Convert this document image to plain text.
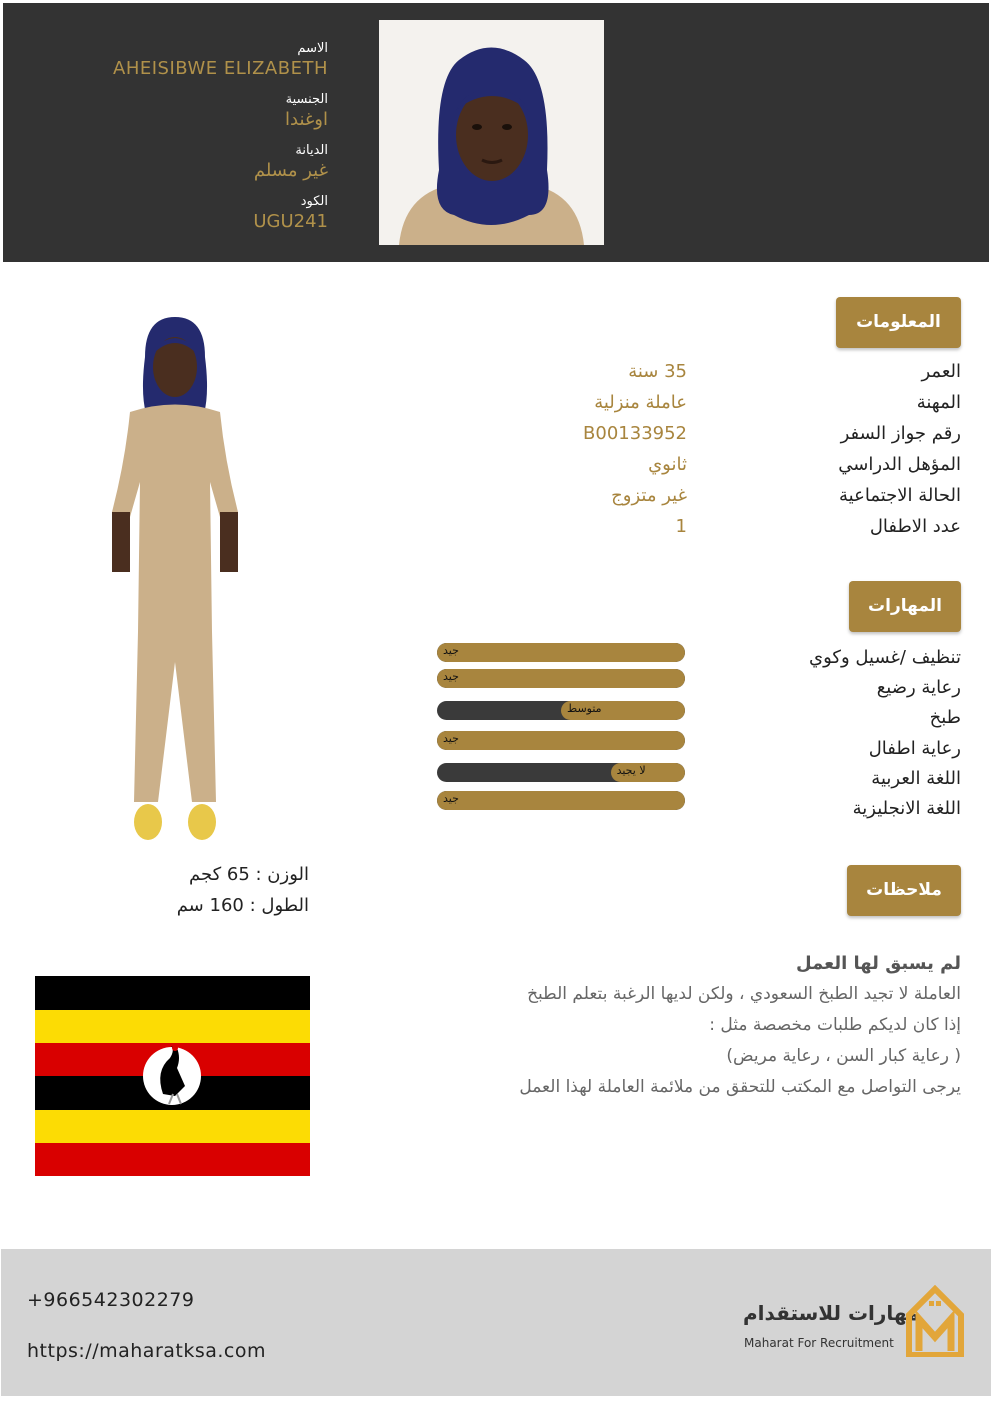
الاسم
AHEISIBWE ELIZABETH
الجنسية
اوغندا
الديانة
غير مسلم
الكود
UGU241
المعلومات
العمر
35 سنة
المهنة
عاملة منزلية
رقم جواز السفر
B00133952
المؤهل الدراسي
ثانوي
الحالة الاجتماعية
غير متزوج
عدد الاطفال
1
المهارات
تنظيف /غسيل وكوي
جيد
رعاية رضيع
جيد
طبخ
متوسط
رعاية اطفال
جيد
اللغة العربية
لا يجيد
اللغة الانجليزية
جيد
ملاحظات
لم يسبق لها العمل
العاملة لا تجيد الطبخ السعودي ، ولكن لديها الرغبة بتعلم الطبخ
إذا كان لديكم طلبات مخصصة مثل :
( رعاية كبار السن ، رعاية مريض)
يرجى التواصل مع المكتب للتحقق من ملائمة العاملة لهذا العمل
الوزن : 65 كجم
الطول : 160 سم
+966542302279
https://maharatksa.com
مهارات للاستقدام
Maharat For Recruitment
